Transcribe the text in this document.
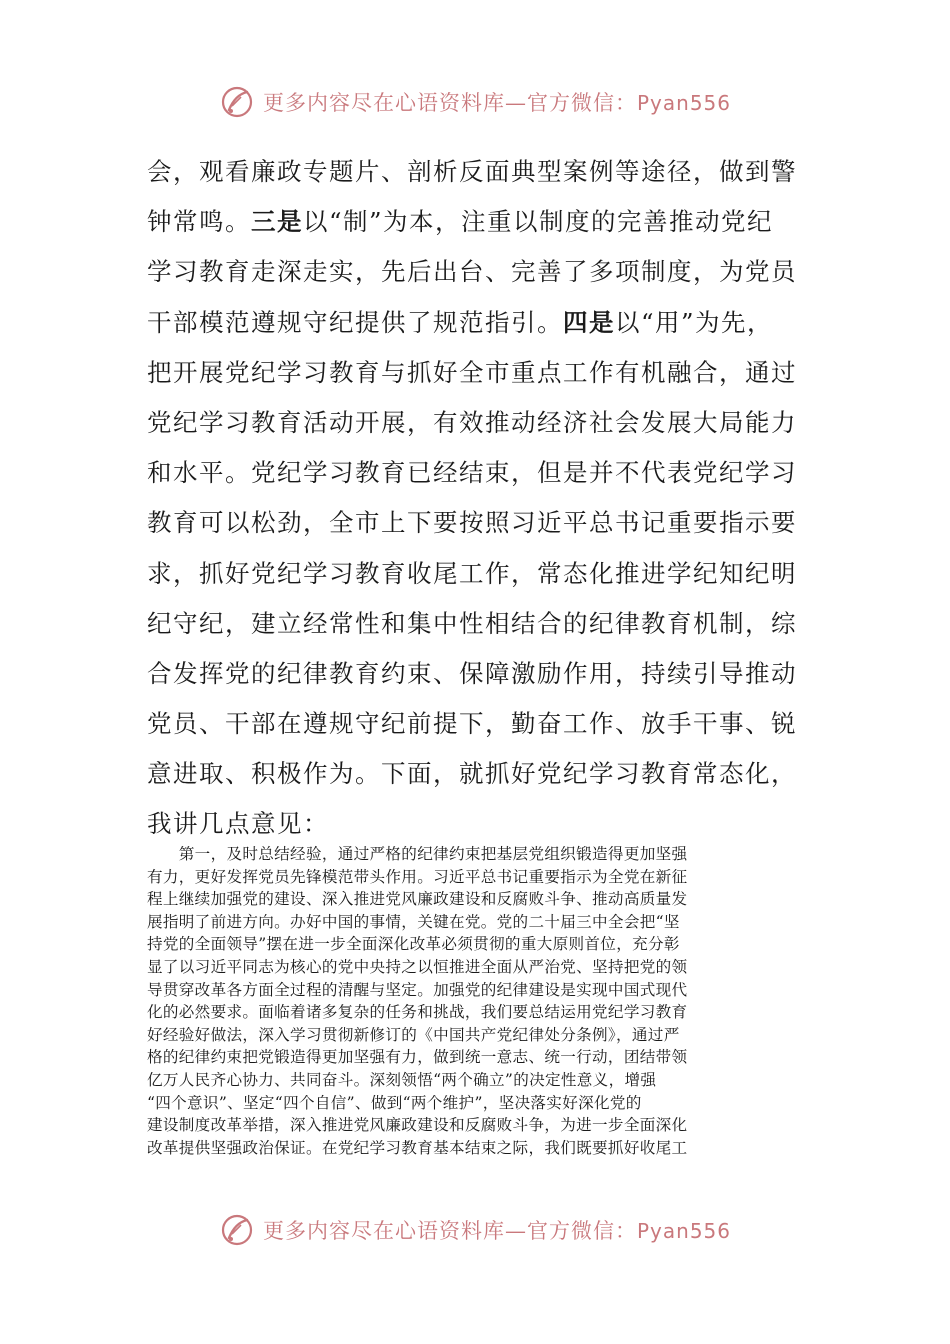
更多内容尽在心语资料库—官方微信：Pyan556
会，观看廉政专题片、剖析反面典型案例等途径，做到警
钟常鸣。三是以“制”为本，注重以制度的完善推动党纪
学习教育走深走实，先后出台、完善了多项制度，为党员
干部模范遵规守纪提供了规范指引。四是以“用”为先，
把开展党纪学习教育与抓好全市重点工作有机融合，通过
党纪学习教育活动开展，有效推动经济社会发展大局能力
和水平。党纪学习教育已经结束，但是并不代表党纪学习
教育可以松劲，全市上下要按照习近平总书记重要指示要
求，抓好党纪学习教育收尾工作，常态化推进学纪知纪明
纪守纪，建立经常性和集中性相结合的纪律教育机制，综
合发挥党的纪律教育约束、保障激励作用，持续引导推动
党员、干部在遵规守纪前提下，勤奋工作、放手干事、锐
意进取、积极作为。下面，就抓好党纪学习教育常态化，
我讲几点意见：
　　第一，及时总结经验，通过严格的纪律约束把基层党组织锻造得更加坚强
有力，更好发挥党员先锋模范带头作用。习近平总书记重要指示为全党在新征
程上继续加强党的建设、深入推进党风廉政建设和反腐败斗争、推动高质量发
展指明了前进方向。办好中国的事情，关键在党。党的二十届三中全会把“坚
持党的全面领导”摆在进一步全面深化改革必须贯彻的重大原则首位，充分彰
显了以习近平同志为核心的党中央持之以恒推进全面从严治党、坚持把党的领
导贯穿改革各方面全过程的清醒与坚定。加强党的纪律建设是实现中国式现代
化的必然要求。面临着诸多复杂的任务和挑战，我们要总结运用党纪学习教育
好经验好做法，深入学习贯彻新修订的《中国共产党纪律处分条例》，通过严
格的纪律约束把党锻造得更加坚强有力，做到统一意志、统一行动，团结带领
亿万人民齐心协力、共同奋斗。深刻领悟“两个确立”的决定性意义，增强
“四个意识”、坚定“四个自信”、做到“两个维护”，坚决落实好深化党的
建设制度改革举措，深入推进党风廉政建设和反腐败斗争，为进一步全面深化
改革提供坚强政治保证。在党纪学习教育基本结束之际，我们既要抓好收尾工
更多内容尽在心语资料库—官方微信：Pyan556
